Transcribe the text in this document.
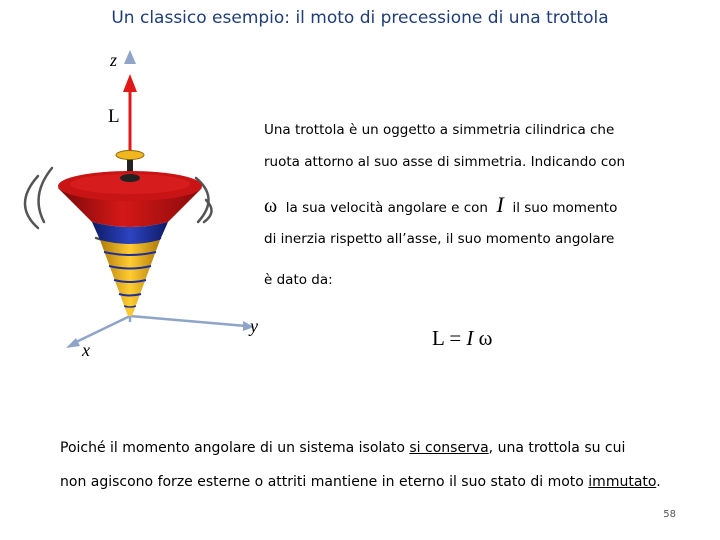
Un classico esempio: il moto di precessione di una trottola
z
L
x
y
Una trottola è un oggetto a simmetria cilindrica che
ruota attorno al suo asse di simmetria. Indicando con
ω la sua velocità angolare e con I il suo momento
di inerzia rispetto all’asse, il suo momento angolare
è dato da:
L = I ω
Poiché il momento angolare di un sistema isolato si conserva, una trottola su cui
non agiscono forze esterne o attriti mantiene in eterno il suo stato di moto immutato.
58
